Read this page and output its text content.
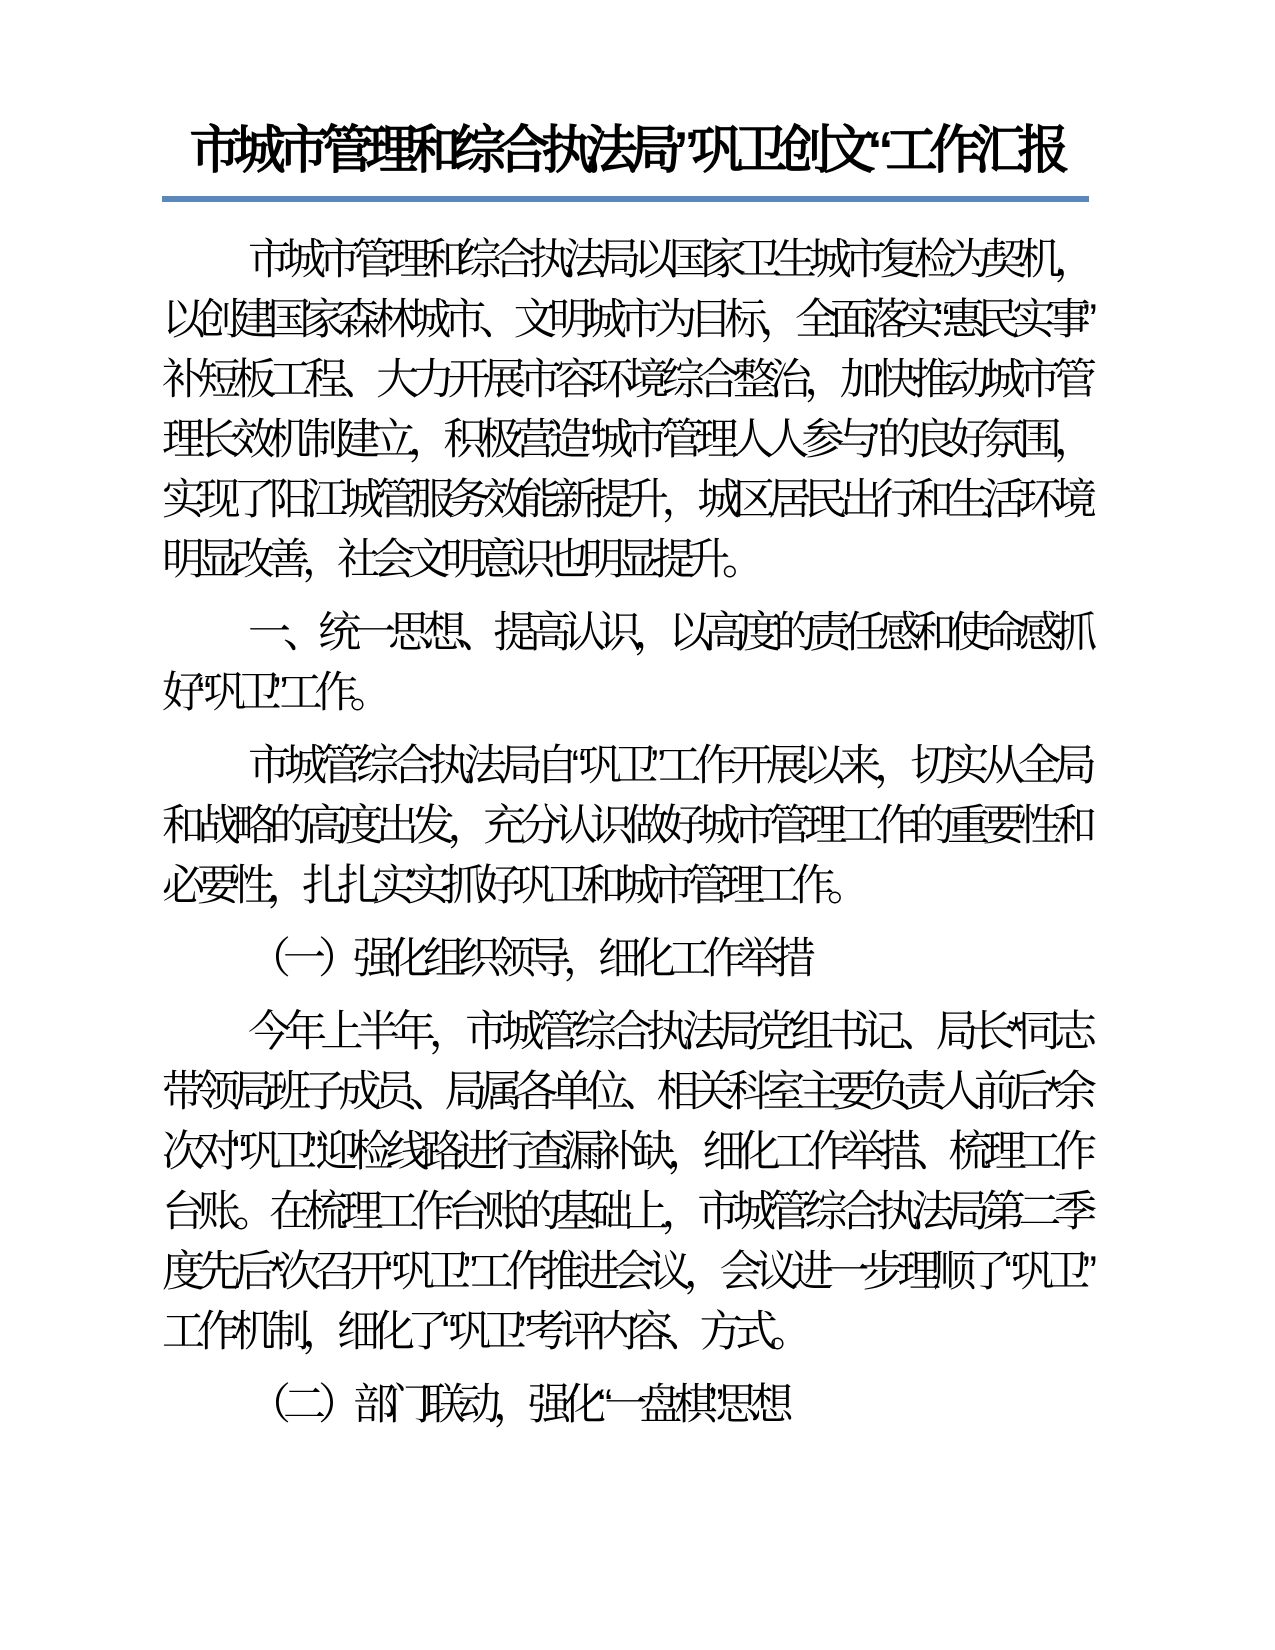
市城市管理和综合执法局”巩卫创文“工作汇报

市城市管理和综合执法局以国家卫生城市复检为契机，以创建国家森林城市、文明城市为目标，全面落实“惠民实事”补短板工程、大力开展市容环境综合整治，加快推动城市管理长效机制建立，积极营造“城市管理人人参与”的良好氛围，实现了阳江城管服务效能新提升，城区居民出行和生活环境明显改善，社会文明意识也明显提升。

一、统一思想、提高认识，以高度的责任感和使命感抓好“巩卫”工作。

市城管综合执法局自“巩卫”工作开展以来，切实从全局和战略的高度出发，充分认识做好城市管理工作的重要性和必要性，扎扎实实抓好巩卫和城市管理工作。

（一）强化组织领导，细化工作举措

今年上半年，市城管综合执法局党组书记、局长*同志带领局班子成员、局属各单位、相关科室主要负责人前后*余次对“巩卫”迎检线路进行查漏补缺，细化工作举措、梳理工作台账。在梳理工作台账的基础上，市城管综合执法局第二季度先后*次召开“巩卫”工作推进会议，会议进一步理顺了“巩卫”工作机制，细化了“巩卫”考评内容、方式。

（二）部门联动，强化“一盘棋”思想
